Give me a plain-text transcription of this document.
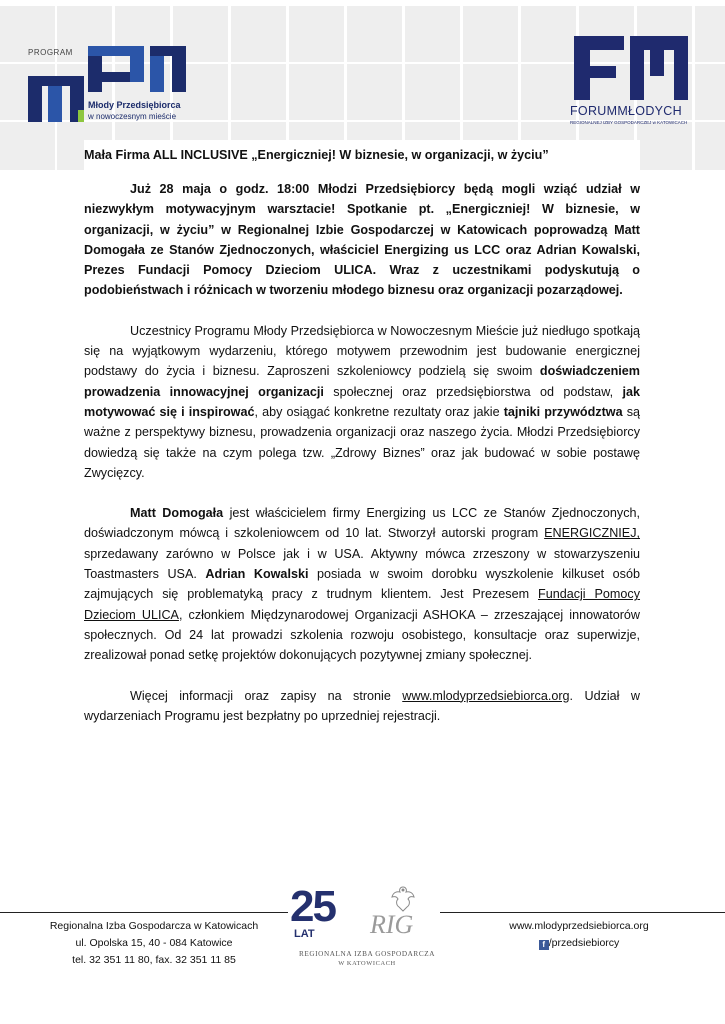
PROGRAM
Młody Przedsiębiorca
w nowoczesnym mieście	FORUMMŁODYCH
REGIONALNEJ IZBY GOSPODARCZEJ w KATOWICACH
Mała Firma ALL INCLUSIVE „Energiczniej! W biznesie, w organizacji, w życiu”

Już 28 maja o godz. 18:00 Młodzi Przedsiębiorcy będą mogli wziąć udział w niezwykłym motywacyjnym warsztacie! Spotkanie pt. „Energiczniej! W biznesie, w organizacji, w życiu” w Regionalnej Izbie Gospodarczej w Katowicach poprowadzą Matt Domogała ze Stanów Zjednoczonych, właściciel Energizing us LCC oraz Adrian Kowalski, Prezes Fundacji Pomocy Dzieciom ULICA. Wraz z uczestnikami podyskutują o podobieństwach i różnicach w tworzeniu młodego biznesu oraz organizacji pozarządowej.

Uczestnicy Programu Młody Przedsiębiorca w Nowoczesnym Mieście już niedługo spotkają się na wyjątkowym wydarzeniu, którego motywem przewodnim jest budowanie energicznej podstawy do życia i biznesu. Zaproszeni szkoleniowcy podzielą się swoim doświadczeniem prowadzenia innowacyjnej organizacji społecznej oraz przedsiębiorstwa od podstaw, jak motywować się i inspirować, aby osiągać konkretne rezultaty oraz jakie tajniki przywództwa są ważne z perspektywy biznesu, prowadzenia organizacji oraz naszego życia. Młodzi Przedsiębiorcy dowiedzą się także na czym polega tzw. „Zdrowy Biznes” oraz jak budować w sobie postawę Zwycięzcy.

Matt Domogała jest właścicielem firmy Energizing us LCC ze Stanów Zjednoczonych, doświadczonym mówcą i szkoleniowcem od 10 lat. Stworzył autorski program ENERGICZNIEJ, sprzedawany zarówno w Polsce jak i w USA. Aktywny mówca zrzeszony w stowarzyszeniu Toastmasters USA. Adrian Kowalski posiada w swoim dorobku wyszkolenie kilkuset osób zajmujących się problematyką pracy z trudnym klientem. Jest Prezesem Fundacji Pomocy Dzieciom ULICA, członkiem Międzynarodowej Organizacji ASHOKA – zrzeszającej innowatorów społecznych. Od 24 lat prowadzi szkolenia rozwoju osobistego, konsultacje oraz superwizje, zrealizował ponad setkę projektów dokonujących pozytywnej zmiany społecznej.

Więcej informacji oraz zapisy na stronie www.mlodyprzedsiebiorca.org. Udział w wydarzeniach Programu jest bezpłatny po uprzedniej rejestracji.

Regionalna Izba Gospodarcza w Katowicach
ul. Opolska 15, 40 - 084 Katowice
tel. 32 351 11 80, fax. 32 351 11 85
25
LAT RIG
REGIONALNA IZBA GOSPODARCZA
W KATOWICACH
www.mlodyprzedsiebiorca.org
f /przedsiebiorcy
